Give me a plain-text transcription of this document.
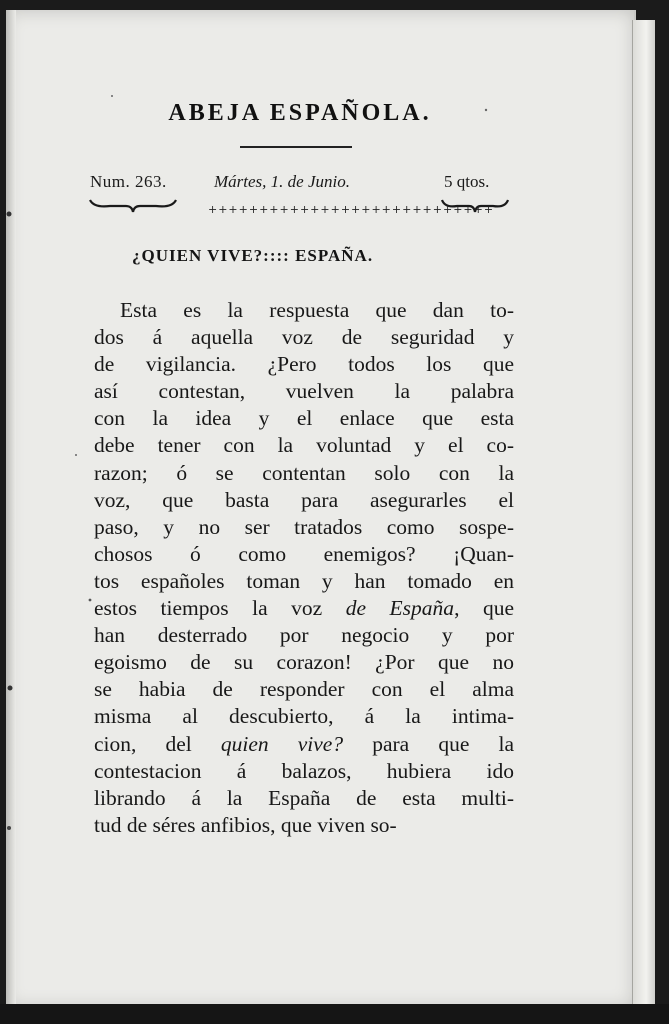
ABEJA ESPAÑOLA.
Num. 263.	Mártes, 1. de Junio.	5 qtos.
++++++++++++++++++++++++++++
¿QUIEN VIVE?:::: ESPAÑA.
Esta es la respuesta que dan to-
dos á aquella voz de seguridad y
de vigilancia. ¿Pero todos los que
así contestan, vuelven la palabra
con la idea y el enlace que esta
debe tener con la voluntad y el co-
razon; ó se contentan solo con la
voz, que basta para asegurarles el
paso, y no ser tratados como sospe-
chosos ó como enemigos? ¡Quan-
tos españoles toman y han tomado en
estos tiempos la voz de España, que
han desterrado por negocio y por
egoismo de su corazon! ¿Por que no
se habia de responder con el alma
misma al descubierto, á la intima-
cion, del quien vive? para que la
contestacion á balazos, hubiera ido
librando á la España de esta multi-
tud de séres anfibios, que viven so-
